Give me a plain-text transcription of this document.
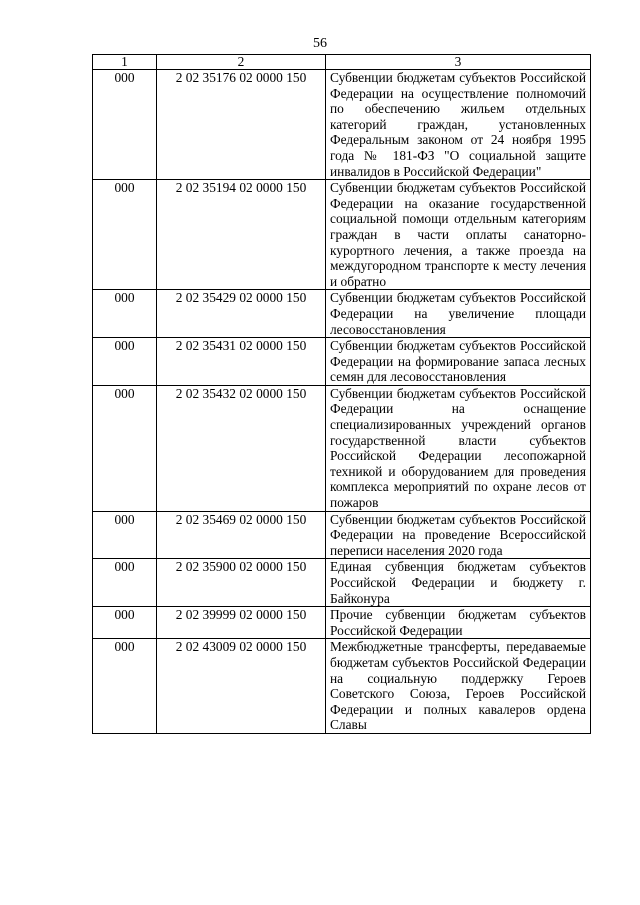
56
1	2	3
000	2 02 35176 02 0000 150	Субвенции бюджетам субъектов Российской Федерации на осуществление полномочий по обеспечению жильем отдельных категорий граждан, установленных Федеральным законом от 24 ноября 1995 года № 181-ФЗ "О социальной защите инвалидов в Российской Федерации"
000	2 02 35194 02 0000 150	Субвенции бюджетам субъектов Российской Федерации на оказание государственной социальной помощи отдельным категориям граждан в части оплаты санаторно-курортного лечения, а также проезда на междугородном транспорте к месту лечения и обратно
000	2 02 35429 02 0000 150	Субвенции бюджетам субъектов Российской Федерации на увеличение площади лесовосстановления
000	2 02 35431 02 0000 150	Субвенции бюджетам субъектов Российской Федерации на формирование запаса лесных семян для лесовосстановления
000	2 02 35432 02 0000 150	Субвенции бюджетам субъектов Российской Федерации на оснащение специализированных учреждений органов государственной власти субъектов Российской Федерации лесопожарной техникой и оборудованием для проведения комплекса мероприятий по охране лесов от пожаров
000	2 02 35469 02 0000 150	Субвенции бюджетам субъектов Российской Федерации на проведение Всероссийской переписи населения 2020 года
000	2 02 35900 02 0000 150	Единая субвенция бюджетам субъектов Российской Федерации и бюджету г. Байконура
000	2 02 39999 02 0000 150	Прочие субвенции бюджетам субъектов Российской Федерации
000	2 02 43009 02 0000 150	Межбюджетные трансферты, передаваемые бюджетам субъектов Российской Федерации на социальную поддержку Героев Советского Союза, Героев Российской Федерации и полных кавалеров ордена Славы
